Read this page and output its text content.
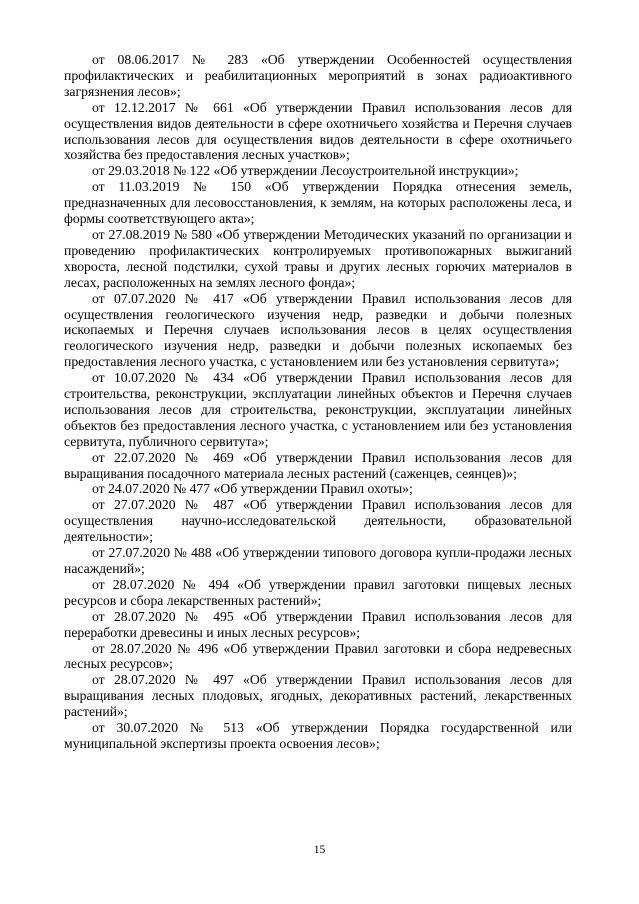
от 08.06.2017 № 283 «Об утверждении Особенностей осуществления профилактических и реабилитационных мероприятий в зонах радиоактивного загрязнения лесов»;

от 12.12.2017 № 661 «Об утверждении Правил использования лесов для осуществления видов деятельности в сфере охотничьего хозяйства и Перечня случаев использования лесов для осуществления видов деятельности в сфере охотничьего хозяйства без предоставления лесных участков»;

от 29.03.2018 № 122 «Об утверждении Лесоустроительной инструкции»;

от 11.03.2019 № 150 «Об утверждении Порядка отнесения земель, предназначенных для лесовосстановления, к землям, на которых расположены леса, и формы соответствующего акта»;

от 27.08.2019 № 580 «Об утверждении Методических указаний по организации и проведению профилактических контролируемых противопожарных выжиганий хвороста, лесной подстилки, сухой травы и других лесных горючих материалов в лесах, расположенных на землях лесного фонда»;

от 07.07.2020 № 417 «Об утверждении Правил использования лесов для осуществления геологического изучения недр, разведки и добычи полезных ископаемых и Перечня случаев использования лесов в целях осуществления геологического изучения недр, разведки и добычи полезных ископаемых без предоставления лесного участка, с установлением или без установления сервитута»;

от 10.07.2020 № 434 «Об утверждении Правил использования лесов для строительства, реконструкции, эксплуатации линейных объектов и Перечня случаев использования лесов для строительства, реконструкции, эксплуатации линейных объектов без предоставления лесного участка, с установлением или без установления сервитута, публичного сервитута»;

от 22.07.2020 № 469 «Об утверждении Правил использования лесов для выращивания посадочного материала лесных растений (саженцев, сеянцев)»;

от 24.07.2020 № 477 «Об утверждении Правил охоты»;

от 27.07.2020 № 487 «Об утверждении Правил использования лесов для осуществления научно-исследовательской деятельности, образовательной деятельности»;

от 27.07.2020 № 488 «Об утверждении типового договора купли-продажи лесных насаждений»;

от 28.07.2020 № 494 «Об утверждении правил заготовки пищевых лесных ресурсов и сбора лекарственных растений»;

от 28.07.2020 № 495 «Об утверждении Правил использования лесов для переработки древесины и иных лесных ресурсов»;

от 28.07.2020 № 496 «Об утверждении Правил заготовки и сбора недревесных лесных ресурсов»;

от 28.07.2020 № 497 «Об утверждении Правил использования лесов для выращивания лесных плодовых, ягодных, декоративных растений, лекарственных растений»;

от 30.07.2020 № 513 «Об утверждении Порядка государственной или муниципальной экспертизы проекта освоения лесов»;

15
